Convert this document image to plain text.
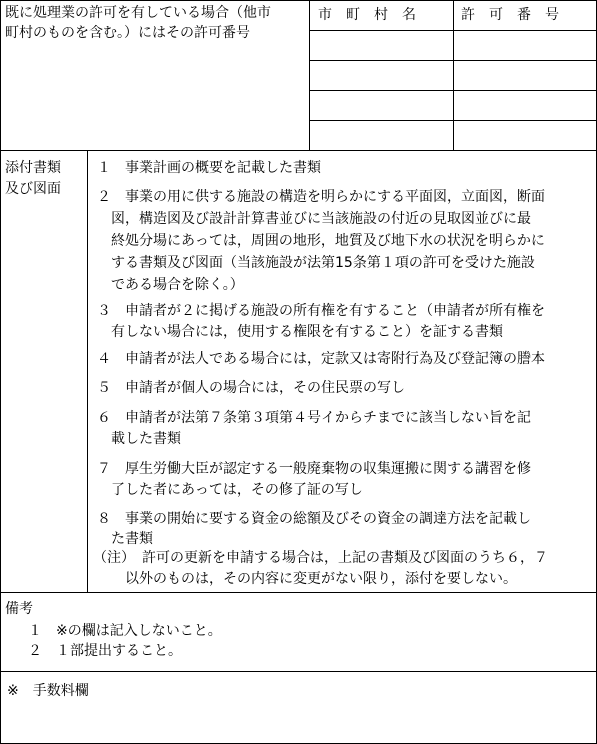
既に処理業の許可を有している場合（他市
町村のものを含む。）にはその許可番号
市　町　村　名	許　可　番　号
添付書類
及び図面
１　事業計画の概要を記載した書類
２　事業の用に供する施設の構造を明らかにする平面図，立面図，断面
図，構造図及び設計計算書並びに当該施設の付近の見取図並びに最
終処分場にあっては，周囲の地形，地質及び地下水の状況を明らかに
する書類及び図面（当該施設が法第15条第１項の許可を受けた施設
である場合を除く。）
３　申請者が２に掲げる施設の所有権を有すること（申請者が所有権を
有しない場合には，使用する権限を有すること）を証する書類
４　申請者が法人である場合には，定款又は寄附行為及び登記簿の謄本
５　申請者が個人の場合には，その住民票の写し
６　申請者が法第７条第３項第４号イからチまでに該当しない旨を記
載した書類
７　厚生労働大臣が認定する一般廃棄物の収集運搬に関する講習を修
了した者にあっては，その修了証の写し
８　事業の開始に要する資金の総額及びその資金の調達方法を記載し
た書類
（注）　許可の更新を申請する場合は，上記の書類及び図面のうち６，７
以外のものは，その内容に変更がない限り，添付を要しない。
備考
１　※の欄は記入しないこと。
２　１部提出すること。
※　手数料欄
